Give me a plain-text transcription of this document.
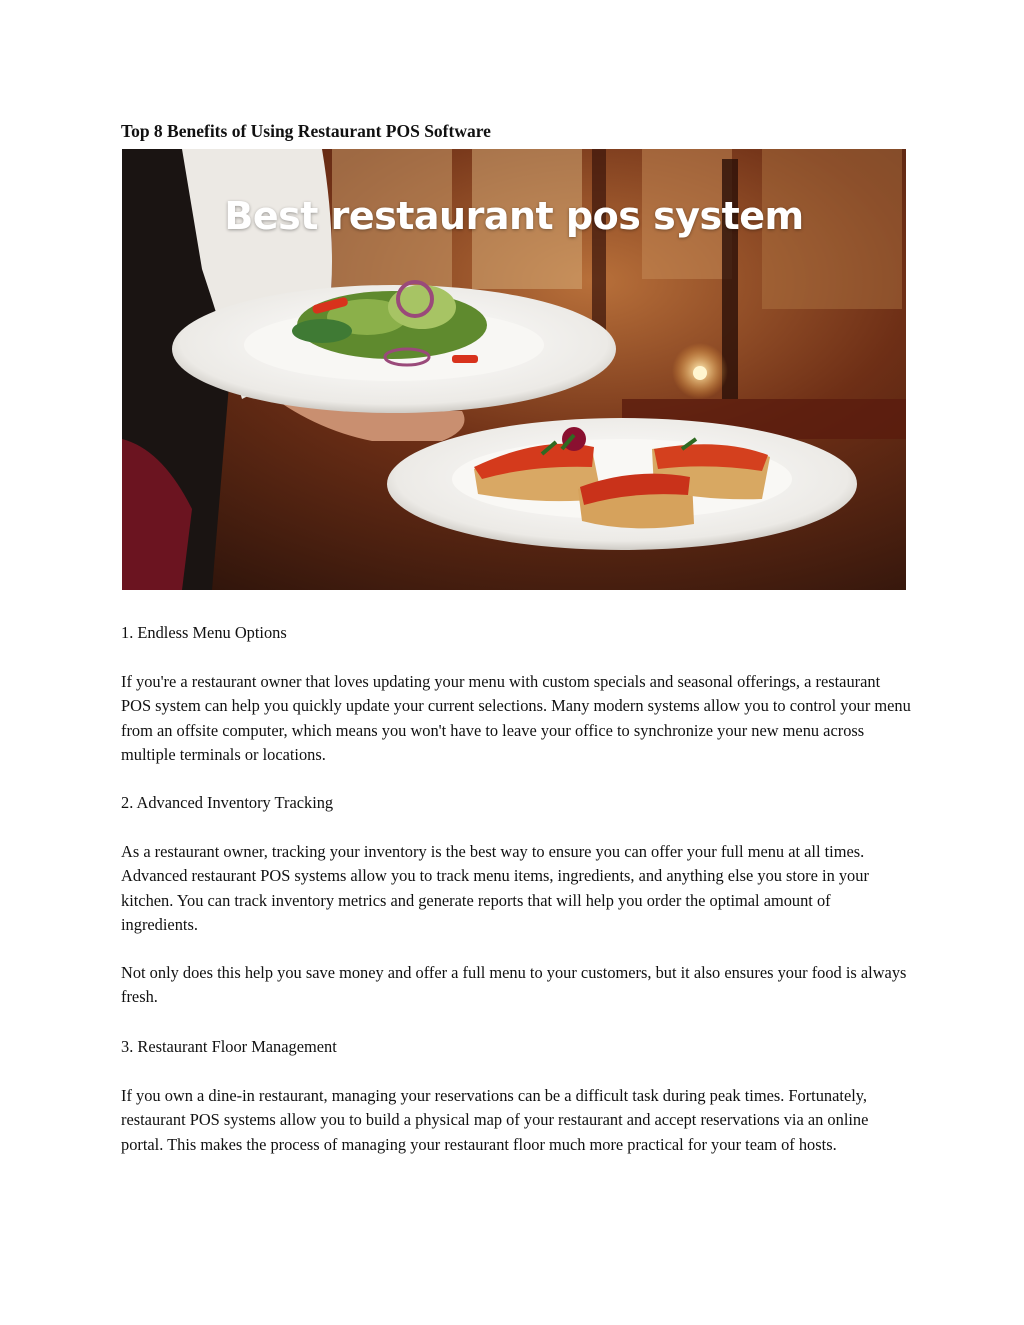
Top 8 Benefits of Using Restaurant POS Software
Best restaurant pos system

1. Endless Menu Options

If you're a restaurant owner that loves updating your menu with custom specials and seasonal offerings, a restaurant POS system can help you quickly update your current selections. Many modern systems allow you to control your menu from an offsite computer, which means you won't have to leave your office to synchronize your new menu across multiple terminals or locations.

2. Advanced Inventory Tracking

As a restaurant owner, tracking your inventory is the best way to ensure you can offer your full menu at all times. Advanced restaurant POS systems allow you to track menu items, ingredients, and anything else you store in your kitchen. You can track inventory metrics and generate reports that will help you order the optimal amount of ingredients.

Not only does this help you save money and offer a full menu to your customers, but it also ensures your food is always fresh.

3. Restaurant Floor Management

If you own a dine-in restaurant, managing your reservations can be a difficult task during peak times. Fortunately, restaurant POS systems allow you to build a physical map of your restaurant and accept reservations via an online portal. This makes the process of managing your restaurant floor much more practical for your team of hosts.
